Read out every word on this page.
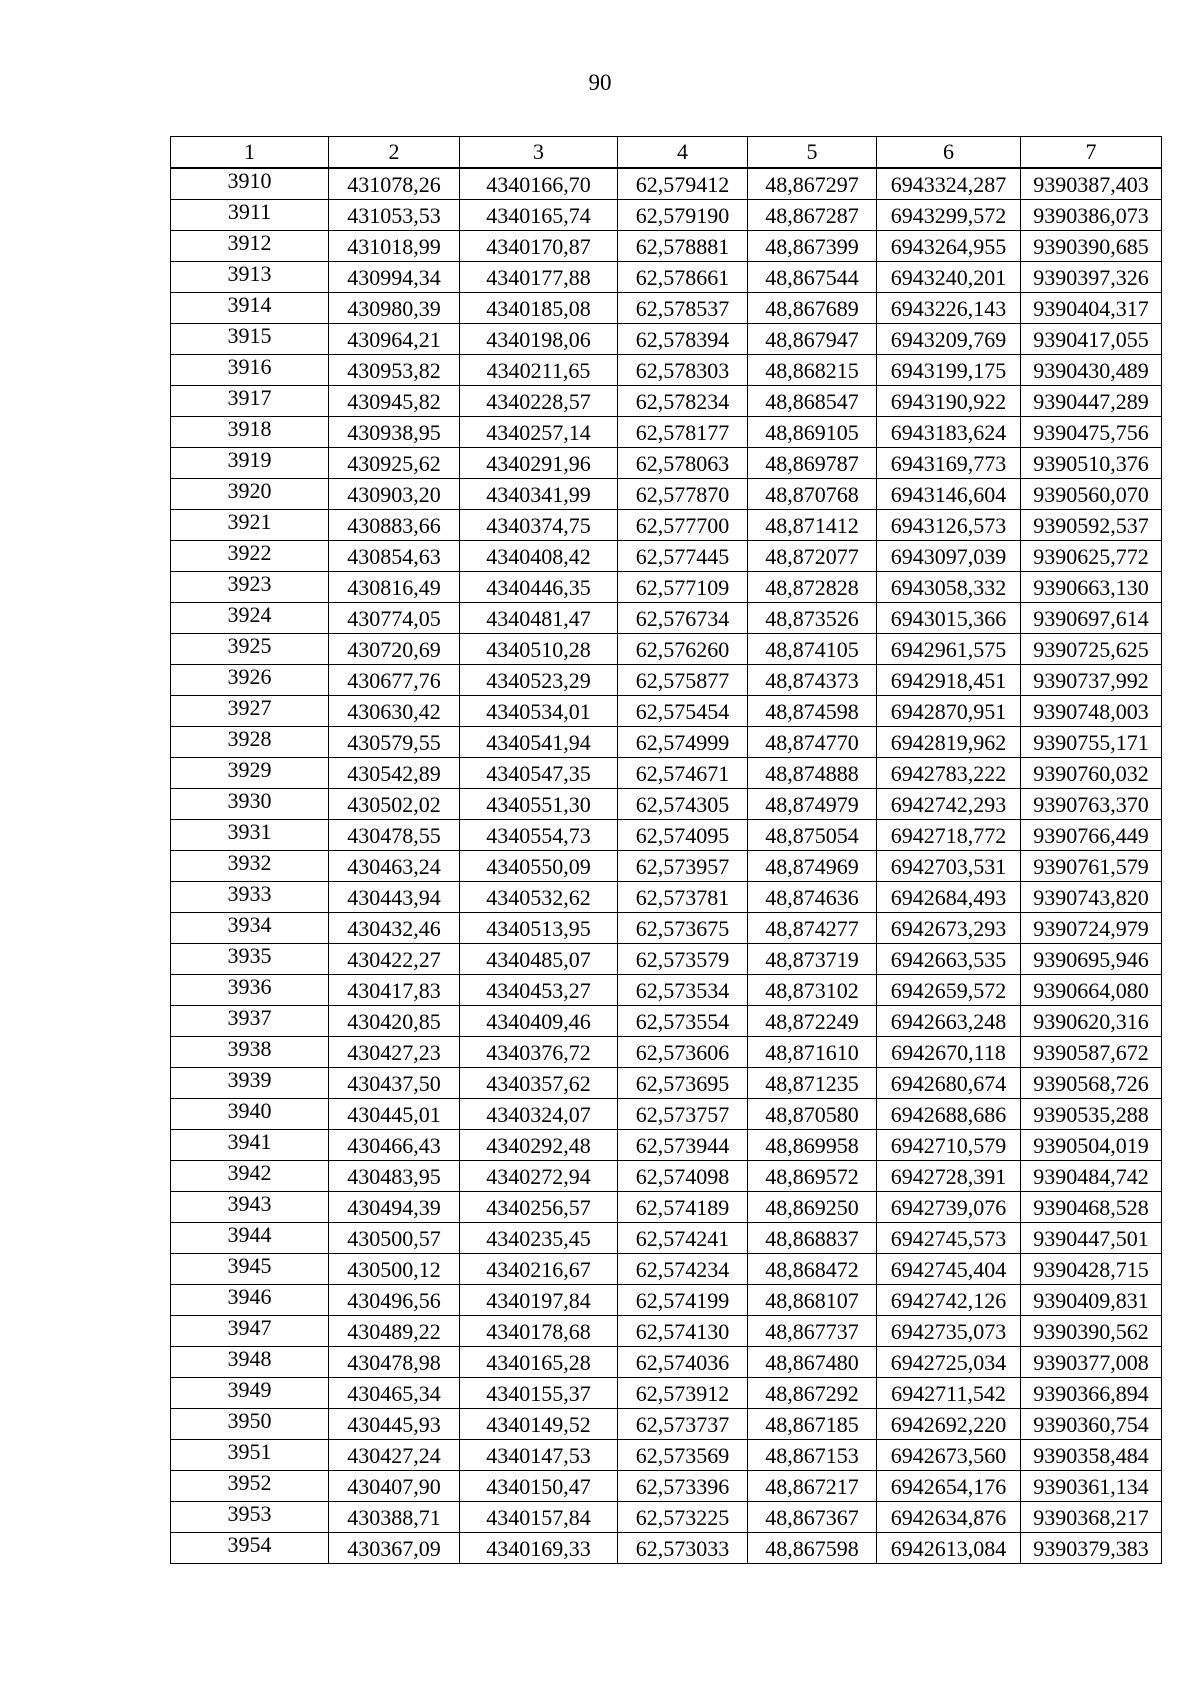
90
1	2	3	4	5	6	7
3910	431078,26	4340166,70	62,579412	48,867297	6943324,287	9390387,403
3911	431053,53	4340165,74	62,579190	48,867287	6943299,572	9390386,073
3912	431018,99	4340170,87	62,578881	48,867399	6943264,955	9390390,685
3913	430994,34	4340177,88	62,578661	48,867544	6943240,201	9390397,326
3914	430980,39	4340185,08	62,578537	48,867689	6943226,143	9390404,317
3915	430964,21	4340198,06	62,578394	48,867947	6943209,769	9390417,055
3916	430953,82	4340211,65	62,578303	48,868215	6943199,175	9390430,489
3917	430945,82	4340228,57	62,578234	48,868547	6943190,922	9390447,289
3918	430938,95	4340257,14	62,578177	48,869105	6943183,624	9390475,756
3919	430925,62	4340291,96	62,578063	48,869787	6943169,773	9390510,376
3920	430903,20	4340341,99	62,577870	48,870768	6943146,604	9390560,070
3921	430883,66	4340374,75	62,577700	48,871412	6943126,573	9390592,537
3922	430854,63	4340408,42	62,577445	48,872077	6943097,039	9390625,772
3923	430816,49	4340446,35	62,577109	48,872828	6943058,332	9390663,130
3924	430774,05	4340481,47	62,576734	48,873526	6943015,366	9390697,614
3925	430720,69	4340510,28	62,576260	48,874105	6942961,575	9390725,625
3926	430677,76	4340523,29	62,575877	48,874373	6942918,451	9390737,992
3927	430630,42	4340534,01	62,575454	48,874598	6942870,951	9390748,003
3928	430579,55	4340541,94	62,574999	48,874770	6942819,962	9390755,171
3929	430542,89	4340547,35	62,574671	48,874888	6942783,222	9390760,032
3930	430502,02	4340551,30	62,574305	48,874979	6942742,293	9390763,370
3931	430478,55	4340554,73	62,574095	48,875054	6942718,772	9390766,449
3932	430463,24	4340550,09	62,573957	48,874969	6942703,531	9390761,579
3933	430443,94	4340532,62	62,573781	48,874636	6942684,493	9390743,820
3934	430432,46	4340513,95	62,573675	48,874277	6942673,293	9390724,979
3935	430422,27	4340485,07	62,573579	48,873719	6942663,535	9390695,946
3936	430417,83	4340453,27	62,573534	48,873102	6942659,572	9390664,080
3937	430420,85	4340409,46	62,573554	48,872249	6942663,248	9390620,316
3938	430427,23	4340376,72	62,573606	48,871610	6942670,118	9390587,672
3939	430437,50	4340357,62	62,573695	48,871235	6942680,674	9390568,726
3940	430445,01	4340324,07	62,573757	48,870580	6942688,686	9390535,288
3941	430466,43	4340292,48	62,573944	48,869958	6942710,579	9390504,019
3942	430483,95	4340272,94	62,574098	48,869572	6942728,391	9390484,742
3943	430494,39	4340256,57	62,574189	48,869250	6942739,076	9390468,528
3944	430500,57	4340235,45	62,574241	48,868837	6942745,573	9390447,501
3945	430500,12	4340216,67	62,574234	48,868472	6942745,404	9390428,715
3946	430496,56	4340197,84	62,574199	48,868107	6942742,126	9390409,831
3947	430489,22	4340178,68	62,574130	48,867737	6942735,073	9390390,562
3948	430478,98	4340165,28	62,574036	48,867480	6942725,034	9390377,008
3949	430465,34	4340155,37	62,573912	48,867292	6942711,542	9390366,894
3950	430445,93	4340149,52	62,573737	48,867185	6942692,220	9390360,754
3951	430427,24	4340147,53	62,573569	48,867153	6942673,560	9390358,484
3952	430407,90	4340150,47	62,573396	48,867217	6942654,176	9390361,134
3953	430388,71	4340157,84	62,573225	48,867367	6942634,876	9390368,217
3954	430367,09	4340169,33	62,573033	48,867598	6942613,084	9390379,383
